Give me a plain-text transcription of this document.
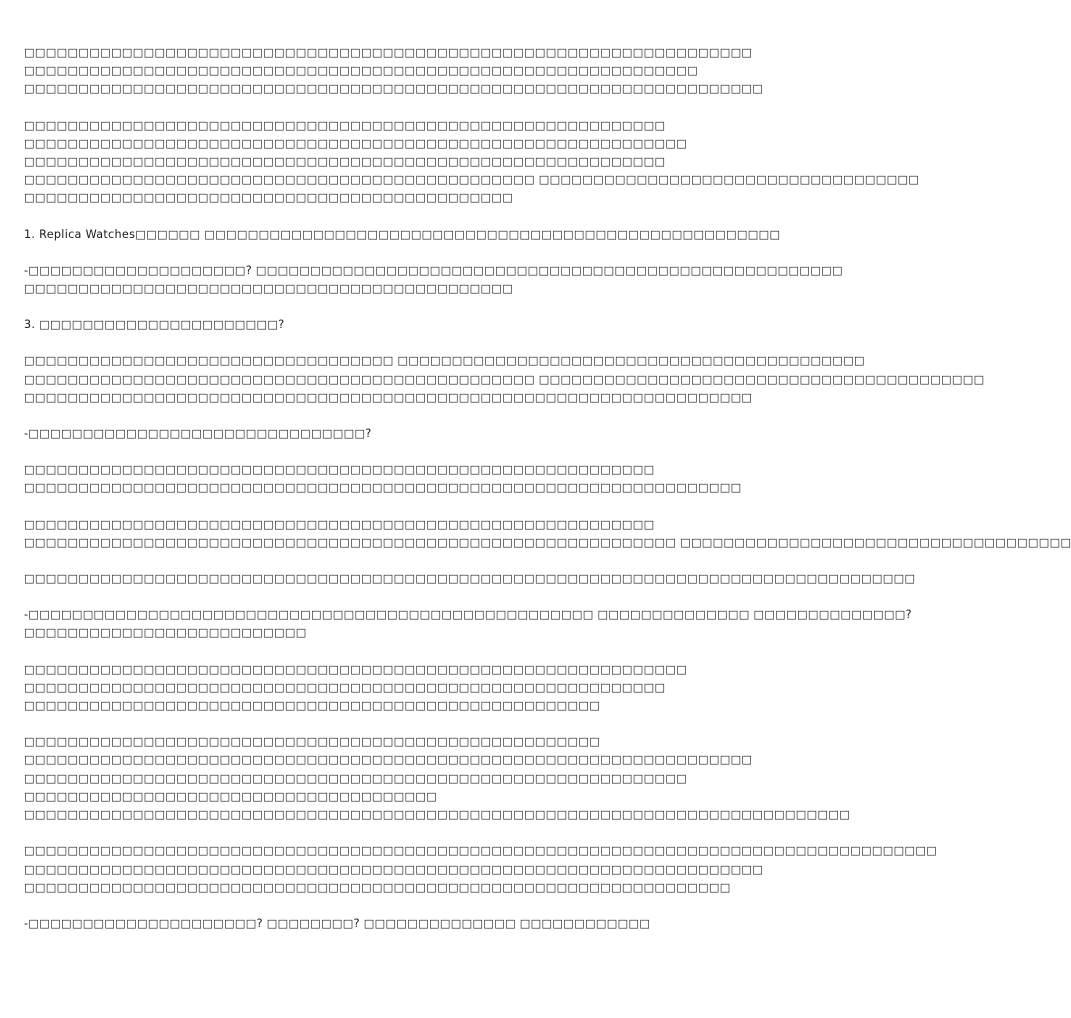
□□□□□□□□□□□□□□□□□□□□□□□□□□□□□□□□□□□□□□□□□□□□□□□□□□□□□□□□□□□□□□□□□□□
□□□□□□□□□□□□□□□□□□□□□□□□□□□□□□□□□□□□□□□□□□□□□□□□□□□□□□□□□□□□□□
□□□□□□□□□□□□□□□□□□□□□□□□□□□□□□□□□□□□□□□□□□□□□□□□□□□□□□□□□□□□□□□□□□□□
□□□□□□□□□□□□□□□□□□□□□□□□□□□□□□□□□□□□□□□□□□□□□□□□□□□□□□□□□□□
□□□□□□□□□□□□□□□□□□□□□□□□□□□□□□□□□□□□□□□□□□□□□□□□□□□□□□□□□□□□□
□□□□□□□□□□□□□□□□□□□□□□□□□□□□□□□□□□□□□□□□□□□□□□□□□□□□□□□□□□□
□□□□□□□□□□□□□□□□□□□□□□□□□□□□□□□□□□□□□□□□□□□□□□□ □□□□□□□□□□□□□□□□□□□□□□□□□□□□□□□□□□□
□□□□□□□□□□□□□□□□□□□□□□□□□□□□□□□□□□□□□□□□□□□□□
1. Replica Watches□□□□□□ □□□□□□□□□□□□□□□□□□□□□□□□□□□□□□□□□□□□□□□□□□□□□□□□□□□□□
-□□□□□□□□□□□□□□□□□□□□? □□□□□□□□□□□□□□□□□□□□□□□□□□□□□□□□□□□□□□□□□□□□□□□□□□□□□□
□□□□□□□□□□□□□□□□□□□□□□□□□□□□□□□□□□□□□□□□□□□□□
3. □□□□□□□□□□□□□□□□□□□□□□?
□□□□□□□□□□□□□□□□□□□□□□□□□□□□□□□□□□ □□□□□□□□□□□□□□□□□□□□□□□□□□□□□□□□□□□□□□□□□□□
□□□□□□□□□□□□□□□□□□□□□□□□□□□□□□□□□□□□□□□□□□□□□□□ □□□□□□□□□□□□□□□□□□□□□□□□□□□□□□□□□□□□□□□□□
□□□□□□□□□□□□□□□□□□□□□□□□□□□□□□□□□□□□□□□□□□□□□□□□□□□□□□□□□□□□□□□□□□□
-□□□□□□□□□□□□□□□□□□□□□□□□□□□□□□□?
□□□□□□□□□□□□□□□□□□□□□□□□□□□□□□□□□□□□□□□□□□□□□□□□□□□□□□□□□□
□□□□□□□□□□□□□□□□□□□□□□□□□□□□□□□□□□□□□□□□□□□□□□□□□□□□□□□□□□□□□□□□□□
□□□□□□□□□□□□□□□□□□□□□□□□□□□□□□□□□□□□□□□□□□□□□□□□□□□□□□□□□□
□□□□□□□□□□□□□□□□□□□□□□□□□□□□□□□□□□□□□□□□□□□□□□□□□□□□□□□□□□□□ □□□□□□□□□□□□□□□□□□□□□□□□□□□□□□□□□□□□
□□□□□□□□□□□□□□□□□□□□□□□□□□□□□□□□□□□□□□□□□□□□□□□□□□□□□□□□□□□□□□□□□□□□□□□□□□□□□□□□□□
-□□□□□□□□□□□□□□□□□□□□□□□□□□□□□□□□□□□□□□□□□□□□□□□□□□□□ □□□□□□□□□□□□□□ □□□□□□□□□□□□□□?
□□□□□□□□□□□□□□□□□□□□□□□□□□
□□□□□□□□□□□□□□□□□□□□□□□□□□□□□□□□□□□□□□□□□□□□□□□□□□□□□□□□□□□□□
□□□□□□□□□□□□□□□□□□□□□□□□□□□□□□□□□□□□□□□□□□□□□□□□□□□□□□□□□□□
□□□□□□□□□□□□□□□□□□□□□□□□□□□□□□□□□□□□□□□□□□□□□□□□□□□□□
□□□□□□□□□□□□□□□□□□□□□□□□□□□□□□□□□□□□□□□□□□□□□□□□□□□□□
□□□□□□□□□□□□□□□□□□□□□□□□□□□□□□□□□□□□□□□□□□□□□□□□□□□□□□□□□□□□□□□□□□□
□□□□□□□□□□□□□□□□□□□□□□□□□□□□□□□□□□□□□□□□□□□□□□□□□□□□□□□□□□□□□
□□□□□□□□□□□□□□□□□□□□□□□□□□□□□□□□□□□□□□
□□□□□□□□□□□□□□□□□□□□□□□□□□□□□□□□□□□□□□□□□□□□□□□□□□□□□□□□□□□□□□□□□□□□□□□□□□□□
□□□□□□□□□□□□□□□□□□□□□□□□□□□□□□□□□□□□□□□□□□□□□□□□□□□□□□□□□□□□□□□□□□□□□□□□□□□□□□□□□□□□
□□□□□□□□□□□□□□□□□□□□□□□□□□□□□□□□□□□□□□□□□□□□□□□□□□□□□□□□□□□□□□□□□□□□
□□□□□□□□□□□□□□□□□□□□□□□□□□□□□□□□□□□□□□□□□□□□□□□□□□□□□□□□□□□□□□□□□
-□□□□□□□□□□□□□□□□□□□□□? □□□□□□□□? □□□□□□□□□□□□□□ □□□□□□□□□□□□
